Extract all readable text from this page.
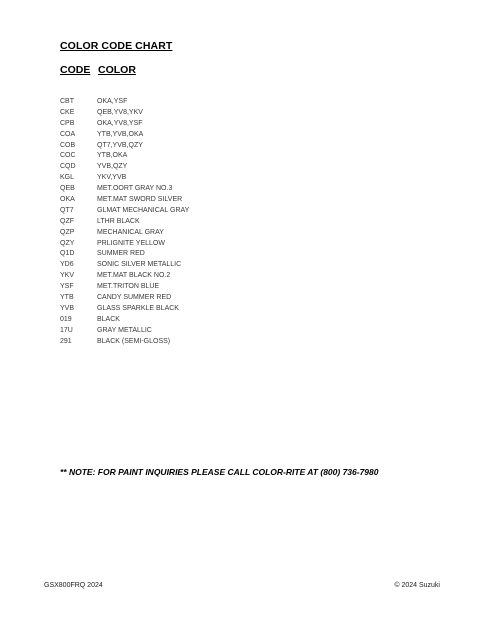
COLOR CODE CHART
CODE COLOR
CBT	OKA,YSF
CKE	QEB,YV8,YKV
CPB	OKA,YV8,YSF
COA	YTB,YVB,OKA
COB	QT7,YVB,QZY
COC	YTB,OKA
CQD	YVB,QZY
KGL	YKV,YVB
QEB	MET.OORT GRAY NO.3
OKA	MET.MAT SWORD SILVER
QT7	GLMAT MECHANICAL GRAY
QZF	LTHR BLACK
QZP	MECHANICAL GRAY
QZY	PRLIGNITE YELLOW
Q1D	SUMMER RED
YD6	SONIC SILVER METALLIC
YKV	MET.MAT BLACK NO.2
YSF	MET.TRITON BLUE
YTB	CANDY SUMMER RED
YVB	GLASS SPARKLE BLACK
019	BLACK
17U	GRAY METALLIC
291	BLACK (SEMI-GLOSS)
** NOTE: FOR PAINT INQUIRIES PLEASE CALL COLOR-RITE AT (800) 736-7980
GSX800FRQ 2024	© 2024 Suzuki
